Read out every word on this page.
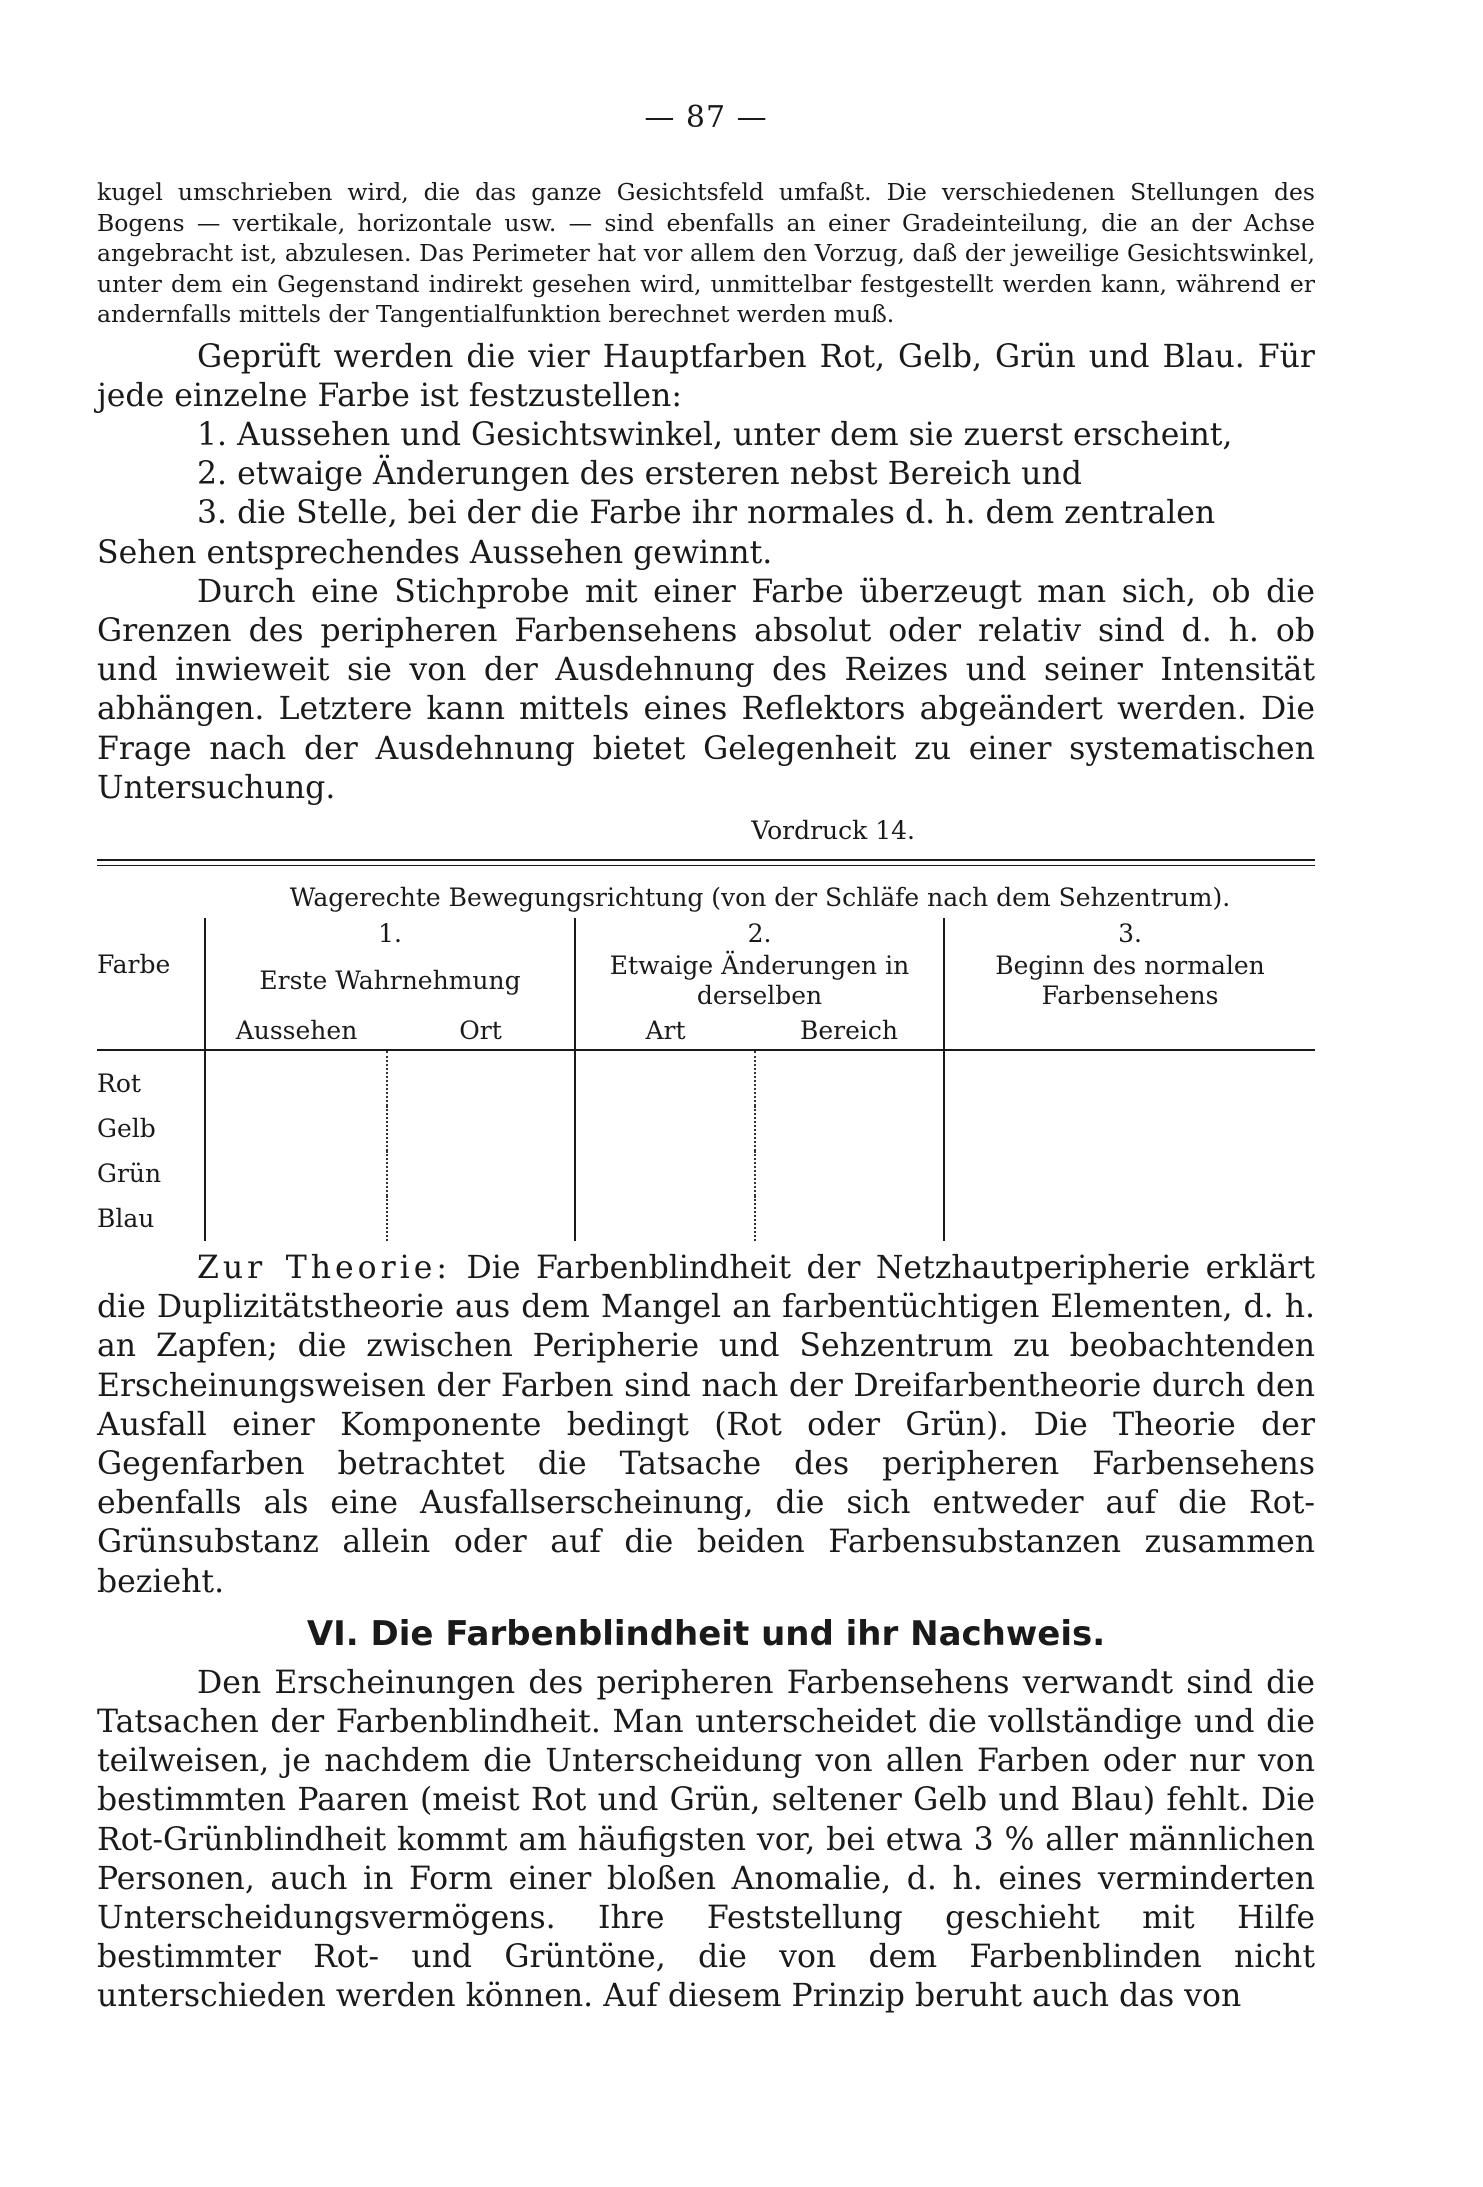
— 87 —

kugel umschrieben wird, die das ganze Gesichtsfeld umfaßt. Die verschiedenen Stellungen des Bogens — vertikale, horizontale usw. — sind ebenfalls an einer Gradeinteilung, die an der Achse angebracht ist, abzulesen. Das Perimeter hat vor allem den Vorzug, daß der jeweilige Gesichtswinkel, unter dem ein Gegenstand indirekt gesehen wird, unmittelbar festgestellt werden kann, während er andernfalls mittels der Tangentialfunktion berechnet werden muß.

Geprüft werden die vier Hauptfarben Rot, Gelb, Grün und Blau. Für jede einzelne Farbe ist festzustellen:

1. Aussehen und Gesichtswinkel, unter dem sie zuerst erscheint,

2. etwaige Änderungen des ersteren nebst Bereich und

3. die Stelle, bei der die Farbe ihr normales d. h. dem zentralen

Sehen entsprechendes Aussehen gewinnt.

Durch eine Stichprobe mit einer Farbe überzeugt man sich, ob die Grenzen des peripheren Farbensehens absolut oder relativ sind d. h. ob und inwieweit sie von der Ausdehnung des Reizes und seiner Intensität abhängen. Letztere kann mittels eines Reflektors abgeändert werden. Die Frage nach der Ausdehnung bietet Gelegenheit zu einer systematischen Untersuchung.

Vordruck 14.
	Wagerechte Bewegungsrichtung (von der Schläfe nach dem Sehzentrum).				
Farbe	1.		2.		3.
	Erste Wahrnehmung		Etwaige Änderungen in derselben		Beginn des normalen Farbensehens
	Aussehen	Ort	Art	Bereich	
Rot					
Gelb					
Grün					
Blau					

Zur Theorie: Die Farbenblindheit der Netzhautperipherie erklärt die Duplizitätstheorie aus dem Mangel an farbentüchtigen Elementen, d. h. an Zapfen; die zwischen Peripherie und Sehzentrum zu beobachtenden Erscheinungsweisen der Farben sind nach der Dreifarbentheorie durch den Ausfall einer Komponente bedingt (Rot oder Grün). Die Theorie der Gegenfarben betrachtet die Tatsache des peripheren Farbensehens ebenfalls als eine Ausfallserscheinung, die sich entweder auf die Rot-Grünsubstanz allein oder auf die beiden Farbensubstanzen zusammen bezieht.

VI. Die Farbenblindheit und ihr Nachweis.

Den Erscheinungen des peripheren Farbensehens verwandt sind die Tatsachen der Farbenblindheit. Man unterscheidet die vollständige und die teilweisen, je nachdem die Unterscheidung von allen Farben oder nur von bestimmten Paaren (meist Rot und Grün, seltener Gelb und Blau) fehlt. Die Rot-Grünblindheit kommt am häufigsten vor, bei etwa 3 % aller männlichen Personen, auch in Form einer bloßen Anomalie, d. h. eines verminderten Unterscheidungsvermögens. Ihre Feststellung geschieht mit Hilfe bestimmter Rot- und Grüntöne, die von dem Farbenblinden nicht unterschieden werden können. Auf diesem Prinzip beruht auch das von
